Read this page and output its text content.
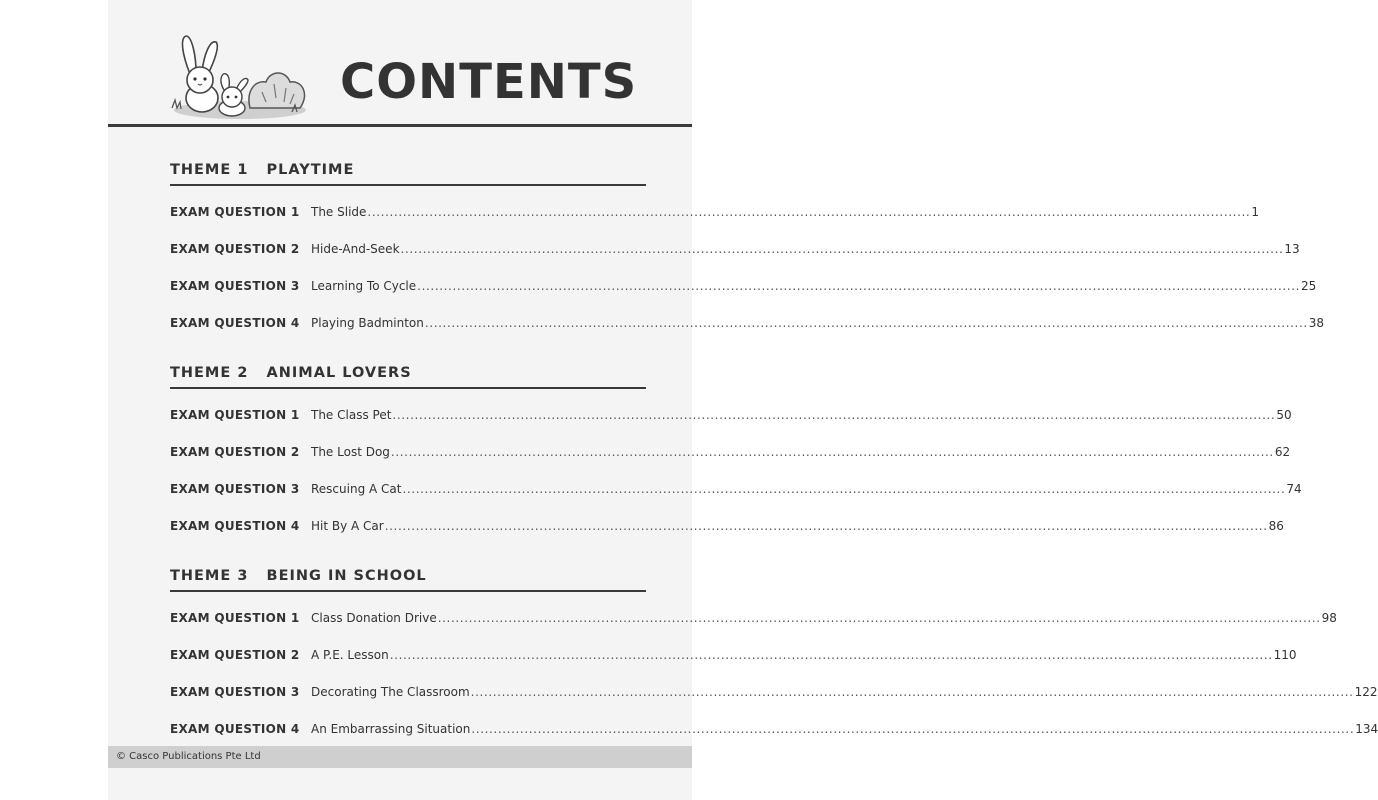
CONTENTS
THEME 1   PLAYTIME
EXAM QUESTION 1 The Slide ........................................................................................................................................................................................................ 1
EXAM QUESTION 2 Hide-And-Seek ........................................................................................................................................................................................................ 13
EXAM QUESTION 3 Learning To Cycle ........................................................................................................................................................................................................ 25
EXAM QUESTION 4 Playing Badminton ........................................................................................................................................................................................................ 38
THEME 2   ANIMAL LOVERS
EXAM QUESTION 1 The Class Pet ........................................................................................................................................................................................................ 50
EXAM QUESTION 2 The Lost Dog ........................................................................................................................................................................................................ 62
EXAM QUESTION 3 Rescuing A Cat ........................................................................................................................................................................................................ 74
EXAM QUESTION 4 Hit By A Car ........................................................................................................................................................................................................ 86
THEME 3   BEING IN SCHOOL
EXAM QUESTION 1 Class Donation Drive ........................................................................................................................................................................................................ 98
EXAM QUESTION 2 A P.E. Lesson ........................................................................................................................................................................................................ 110
EXAM QUESTION 3 Decorating The Classroom ........................................................................................................................................................................................................ 122
EXAM QUESTION 4 An Embarrassing Situation ........................................................................................................................................................................................................ 134
© Casco Publications Pte Ltd
